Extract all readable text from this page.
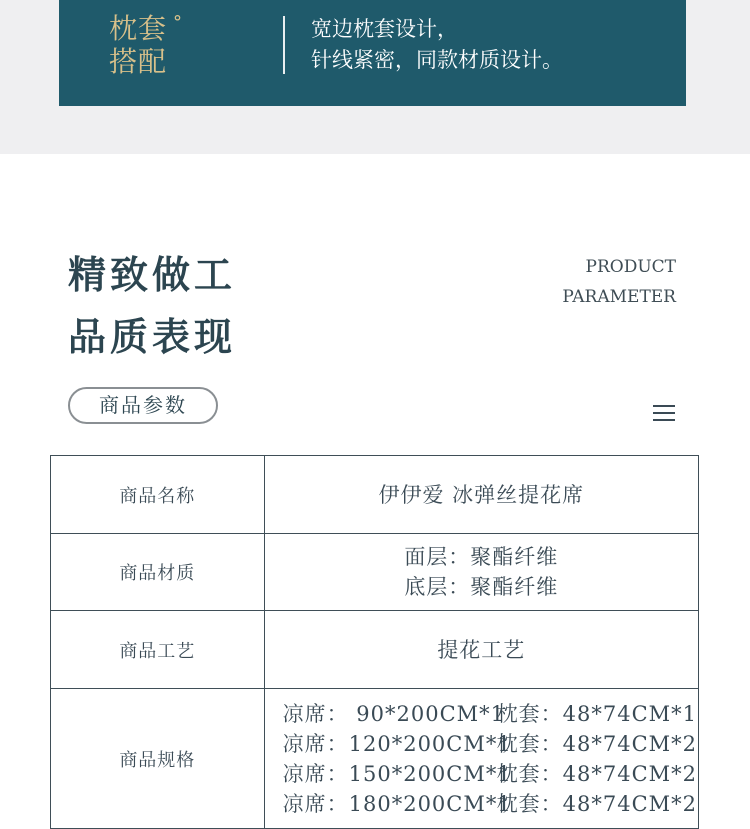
枕套
搭配
°	宽边枕套设计，
针线紧密，同款材质设计。
精致做工
品质表现
PRODUCT
PARAMETER
商品参数
商品名称	伊伊爱 冰弹丝提花席
商品材质	面层：聚酯纤维
底层：聚酯纤维

商品工艺	提花工艺
商品规格	凉席： 90*200CM*1枕套：48*74CM*1
凉席：120*200CM*1枕套：48*74CM*2
凉席：150*200CM*1枕套：48*74CM*2
凉席：180*200CM*1枕套：48*74CM*2
